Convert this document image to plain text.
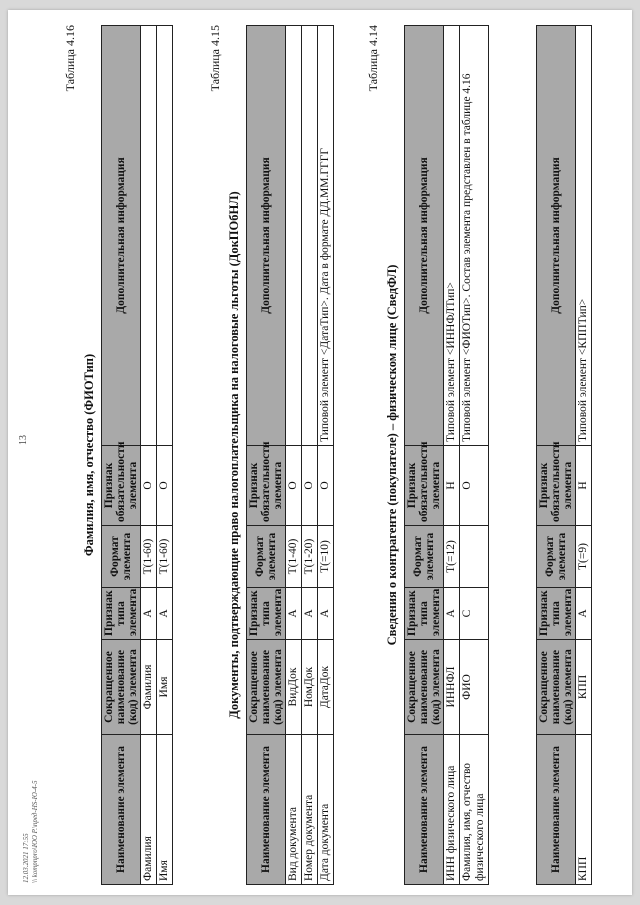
12.03.2021 17:55 \\ kompnpro\ЮО Р.\пред-НS-Ю-4-5
13
Таблица 4.16
Фамилия, имя, отчество (ФИОТип)
Наименование элемента	Сокращенное наименование (код) элемента	Признак типа элемента	Формат элемента	Признак обязательности элемента	Дополнительная информация
Фамилия	Фамилия	А	T(1-60)	О	
Имя	Имя	А	T(1-60)	О	
Таблица 4.15
Документы, подтверждающие право налогоплательщика на налоговые льготы (ДокПОбНЛ)
Наименование элемента	Сокращенное наименование (код) элемента	Признак типа элемента	Формат элемента	Признак обязательности элемента	Дополнительная информация
Вид документа	ВидДок	А	T(1-40)	О	
Номер документа	НомДок	А	T(1-20)	О	
Дата документа	ДатаДок	А	T(=10)	О	Типовой элемент <ДатаТип>. Дата в формате ДД.ММ.ГГГГ
Таблица 4.14
Сведения о контрагенте (покупателе) – физическом лице (СведФЛ)
Наименование элемента	Сокращенное наименование (код) элемента	Признак типа элемента	Формат элемента	Признак обязательности элемента	Дополнительная информация
ИНН физического лица	ИННФЛ	А	T(=12)	Н	Типовой элемент <ИННФЛТип>
Фамилия, имя, отчество физического лица	ФИО	С		О	Типовой элемент <ФИОТип>. Состав элемента представлен в таблице 4.16
Наименование элемента	Сокращенное наименование (код) элемента	Признак типа элемента	Формат элемента	Признак обязательности элемента	Дополнительная информация
КПП	КПП	А	T(=9)	Н	Типовой элемент <КППТип>
